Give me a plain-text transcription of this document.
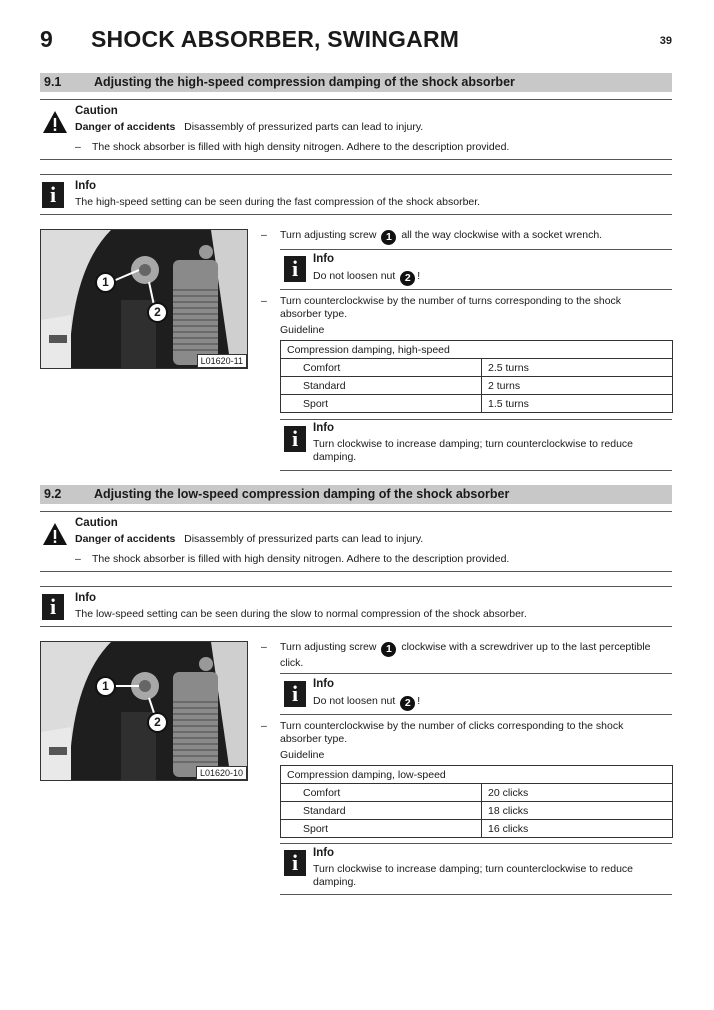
9 SHOCK ABSORBER, SWINGARM	39
9.1	Adjusting the high-speed compression damping of the shock absorber
Caution
Danger of accidents Disassembly of pressurized parts can lead to injury.
– The shock absorber is filled with high density nitrogen. Adhere to the description provided.
i	Info
The high-speed setting can be seen during the fast compression of the shock absorber.
1
2
L01620-11
– Turn adjusting screw 1 all the way clockwise with a socket wrench.
i	Info
Do not loosen nut 2 !
– Turn counterclockwise by the number of turns corresponding to the shock absorber type.
Guideline
Compression damping, high-speed	
Comfort	2.5 turns
Standard	2 turns
Sport	1.5 turns
i	Info
Turn clockwise to increase damping; turn counterclockwise to reduce damping.
9.2	Adjusting the low-speed compression damping of the shock absorber
Caution
Danger of accidents Disassembly of pressurized parts can lead to injury.
– The shock absorber is filled with high density nitrogen. Adhere to the description provided.
i	Info
The low-speed setting can be seen during the slow to normal compression of the shock absorber.
1
2
L01620-10
– Turn adjusting screw 1 clockwise with a screwdriver up to the last perceptible click.
i	Info
Do not loosen nut 2 !
– Turn counterclockwise by the number of clicks corresponding to the shock absorber type.
Guideline
Compression damping, low-speed	
Comfort	20 clicks
Standard	18 clicks
Sport	16 clicks
i	Info
Turn clockwise to increase damping; turn counterclockwise to reduce damping.
